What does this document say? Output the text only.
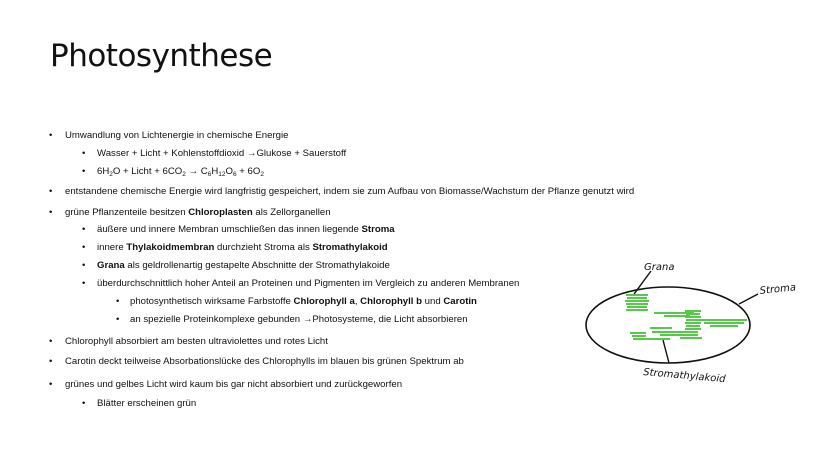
Photosynthese
• Umwandlung von Lichtenergie in chemische Energie
• Wasser + Licht + Kohlenstoffdioxid →Glukose + Sauerstoff
• $6H_2O$ + Licht + $6CO_2 \to C_6H_{12}O_6 + 6O_2$
• entstandene chemische Energie wird langfristig gespeichert, indem sie zum Aufbau von Biomasse/Wachstum der Pflanze genutzt wird
• grüne Pflanzenteile besitzen Chloroplasten als Zellorganellen
• äußere und innere Membran umschließen das innen liegende Stroma
• innere Thylakoidmembran durchzieht Stroma als Stromathylakoid
• Grana als geldrollenartig gestapelte Abschnitte der Stromathylakoide
• überdurchschnittlich hoher Anteil an Proteinen und Pigmenten im Vergleich zu anderen Membranen
• photosynthetisch wirksame Farbstoffe Chlorophyll a, Chlorophyll b und Carotin
• an spezielle Proteinkomplexe gebunden →Photosysteme, die Licht absorbieren
• Chlorophyll absorbiert am besten ultraviolettes und rotes Licht
• Carotin deckt teilweise Absorbationslücke des Chlorophylls im blauen bis grünen Spektrum ab
• grünes und gelbes Licht wird kaum bis gar nicht absorbiert und zurückgeworfen
• Blätter erscheinen grün
Grana
Stroma
Stromathylakoid
